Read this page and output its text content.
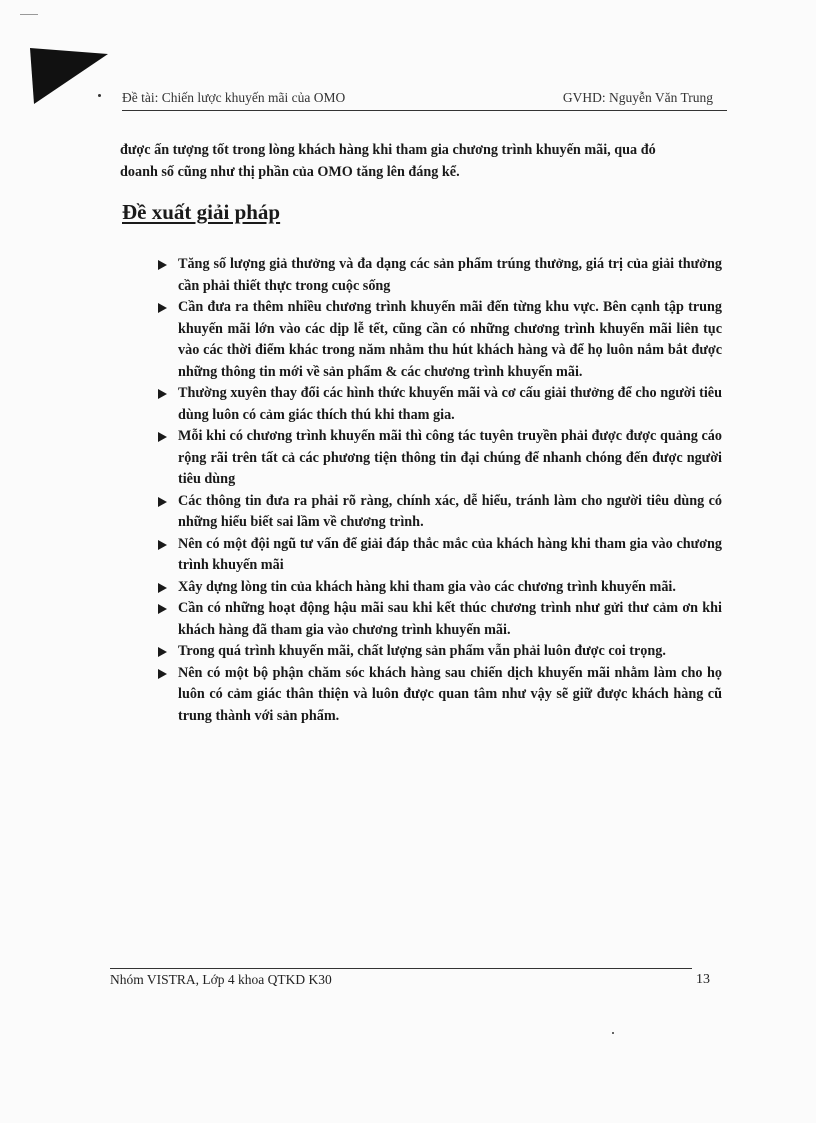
Đề tài: Chiến lược khuyến mãi của OMO	GVHD: Nguyễn Văn Trung
được ấn tượng tốt trong lòng khách hàng khi tham gia chương trình khuyến mãi, qua đó
doanh số cũng như thị phần của OMO tăng lên đáng kể.
Đề xuất giải pháp
Tăng số lượng giả thưởng và đa dạng các sản phẩm trúng thưởng, giá trị của giải thưởng cần phải thiết thực trong cuộc sống
Cần đưa ra thêm nhiều chương trình khuyến mãi đến từng khu vực. Bên cạnh tập trung khuyến mãi lớn vào các dịp lễ tết, cũng cần có những chương trình khuyến mãi liên tục vào các thời điểm khác trong năm nhằm thu hút khách hàng và để họ luôn nắm bắt được những thông tin mới về sản phẩm & các chương trình khuyến mãi.
Thường xuyên thay đổi các hình thức khuyến mãi và cơ cấu giải thưởng để cho người tiêu dùng luôn có cảm giác thích thú khi tham gia.
Mỗi khi có chương trình khuyến mãi thì công tác tuyên truyền phải được được quảng cáo rộng rãi trên tất cả các phương tiện thông tin đại chúng để nhanh chóng đến được người tiêu dùng
Các thông tin đưa ra phải rõ ràng, chính xác, dễ hiểu, tránh làm cho người tiêu dùng có những hiểu biết sai lầm về chương trình.
Nên có một đội ngũ tư vấn để giải đáp thắc mắc của khách hàng khi tham gia vào chương trình khuyến mãi
Xây dựng lòng tin của khách hàng khi tham gia vào các chương trình khuyến mãi.
Cần có những hoạt động hậu mãi sau khi kết thúc chương trình như gửi thư cảm ơn khi khách hàng đã tham gia vào chương trình khuyến mãi.
Trong quá trình khuyến mãi, chất lượng sản phẩm vẫn phải luôn được coi trọng.
Nên có một bộ phận chăm sóc khách hàng sau chiến dịch khuyến mãi nhằm làm cho họ luôn có cảm giác thân thiện và luôn được quan tâm như vậy sẽ giữ được khách hàng cũ trung thành với sản phẩm.
Nhóm VISTRA, Lớp 4 khoa QTKD K30	13
